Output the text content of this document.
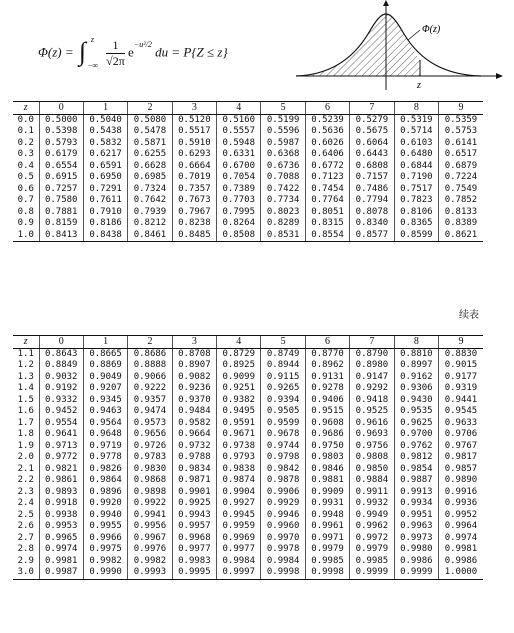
Φ(z) = ∫ z
−∞
$\frac{1}{√2\pi} e^{-u^2/2}$ du = P{Z ≤ z}
Φ(z)
z
z	0	1	2	3	4	5	6	7	8	9
0.0	0.5000	0.5040	0.5080	0.5120	0.5160	0.5199	0.5239	0.5279	0.5319	0.5359
0.1	0.5398	0.5438	0.5478	0.5517	0.5557	0.5596	0.5636	0.5675	0.5714	0.5753
0.2	0.5793	0.5832	0.5871	0.5910	0.5948	0.5987	0.6026	0.6064	0.6103	0.6141
0.3	0.6179	0.6217	0.6255	0.6293	0.6331	0.6368	0.6406	0.6443	0.6480	0.6517
0.4	0.6554	0.6591	0.6628	0.6664	0.6700	0.6736	0.6772	0.6808	0.6844	0.6879
0.5	0.6915	0.6950	0.6985	0.7019	0.7054	0.7088	0.7123	0.7157	0.7190	0.7224
0.6	0.7257	0.7291	0.7324	0.7357	0.7389	0.7422	0.7454	0.7486	0.7517	0.7549
0.7	0.7580	0.7611	0.7642	0.7673	0.7703	0.7734	0.7764	0.7794	0.7823	0.7852
0.8	0.7881	0.7910	0.7939	0.7967	0.7995	0.8023	0.8051	0.8078	0.8106	0.8133
0.9	0.8159	0.8186	0.8212	0.8238	0.8264	0.8289	0.8315	0.8340	0.8365	0.8389
1.0	0.8413	0.8438	0.8461	0.8485	0.8508	0.8531	0.8554	0.8577	0.8599	0.8621
续表
z	0	1	2	3	4	5	6	7	8	9
1.1	0.8643	0.8665	0.8686	0.8708	0.8729	0.8749	0.8770	0.8790	0.8810	0.8830
1.2	0.8849	0.8869	0.8888	0.8907	0.8925	0.8944	0.8962	0.8980	0.8997	0.9015
1.3	0.9032	0.9049	0.9066	0.9082	0.9099	0.9115	0.9131	0.9147	0.9162	0.9177
1.4	0.9192	0.9207	0.9222	0.9236	0.9251	0.9265	0.9278	0.9292	0.9306	0.9319
1.5	0.9332	0.9345	0.9357	0.9370	0.9382	0.9394	0.9406	0.9418	0.9430	0.9441
1.6	0.9452	0.9463	0.9474	0.9484	0.9495	0.9505	0.9515	0.9525	0.9535	0.9545
1.7	0.9554	0.9564	0.9573	0.9582	0.9591	0.9599	0.9608	0.9616	0.9625	0.9633
1.8	0.9641	0.9648	0.9656	0.9664	0.9671	0.9678	0.9686	0.9693	0.9700	0.9706
1.9	0.9713	0.9719	0.9726	0.9732	0.9738	0.9744	0.9750	0.9756	0.9762	0.9767
2.0	0.9772	0.9778	0.9783	0.9788	0.9793	0.9798	0.9803	0.9808	0.9812	0.9817
2.1	0.9821	0.9826	0.9830	0.9834	0.9838	0.9842	0.9846	0.9850	0.9854	0.9857
2.2	0.9861	0.9864	0.9868	0.9871	0.9874	0.9878	0.9881	0.9884	0.9887	0.9890
2.3	0.9893	0.9896	0.9898	0.9901	0.9904	0.9906	0.9909	0.9911	0.9913	0.9916
2.4	0.9918	0.9920	0.9922	0.9925	0.9927	0.9929	0.9931	0.9932	0.9934	0.9936
2.5	0.9938	0.9940	0.9941	0.9943	0.9945	0.9946	0.9948	0.9949	0.9951	0.9952
2.6	0.9953	0.9955	0.9956	0.9957	0.9959	0.9960	0.9961	0.9962	0.9963	0.9964
2.7	0.9965	0.9966	0.9967	0.9968	0.9969	0.9970	0.9971	0.9972	0.9973	0.9974
2.8	0.9974	0.9975	0.9976	0.9977	0.9977	0.9978	0.9979	0.9979	0.9980	0.9981
2.9	0.9981	0.9982	0.9982	0.9983	0.9984	0.9984	0.9985	0.9985	0.9986	0.9986
3.0	0.9987	0.9990	0.9993	0.9995	0.9997	0.9998	0.9998	0.9999	0.9999	1.0000
